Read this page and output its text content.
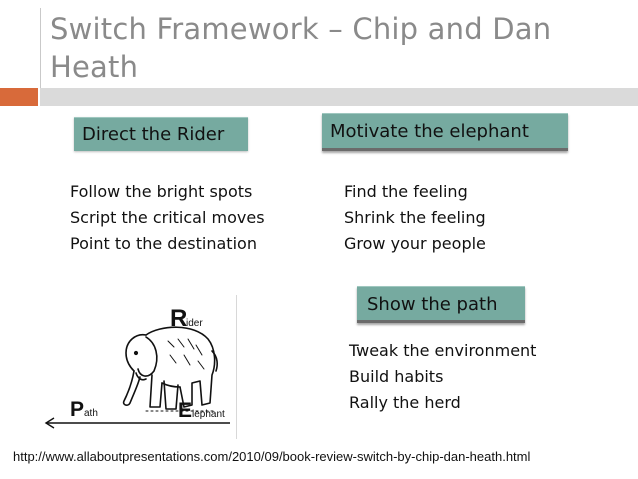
Switch Framework – Chip and Dan Heath
Direct the Rider	Motivate the elephant
Show the path
Follow the bright spots
Script the critical moves
Point to the destination
Find the feeling
Shrink the feeling
Grow your people
Tweak the environment
Build habits
Rally the herd
R
ider
P ath	E lephant
http://www.allaboutpresentations.com/2010/09/book-review-switch-by-chip-dan-heath.html
